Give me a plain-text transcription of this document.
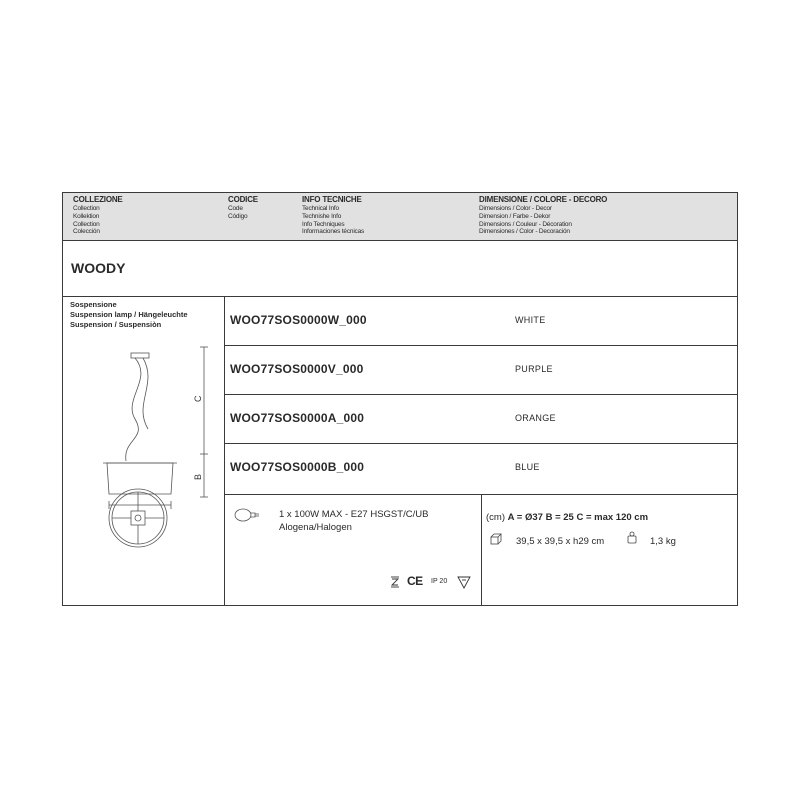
COLLEZIONE
Collection
Kollektion
Collection
Colección
CODICE
Code
Código
INFO TECNICHE
Technical Info
Technishe Info
Info Techniques
Informaciones técnicas
DIMENSIONE / COLORE - DECORO
Dimensions / Color - Decor
Dimension / Farbe - Dekor
Dimensions / Couleur - Décoration
Dimensiones / Color - Decoración
WOODY
Sospensione
Suspension lamp / Hängeleuchte
Suspension / Suspensiòn
C
B
WOO77SOS0000W_000	WHITE
WOO77SOS0000V_000	PURPLE
WOO77SOS0000A_000	ORANGE
WOO77SOS0000B_000	BLUE
1 x 100W MAX - E27 HSGST/C/UB
Alogena/Halogen
CE IP 20
(cm) A = Ø37 B = 25 C = max 120 cm
39,5 x 39,5 x h29 cm	1,3 kg
